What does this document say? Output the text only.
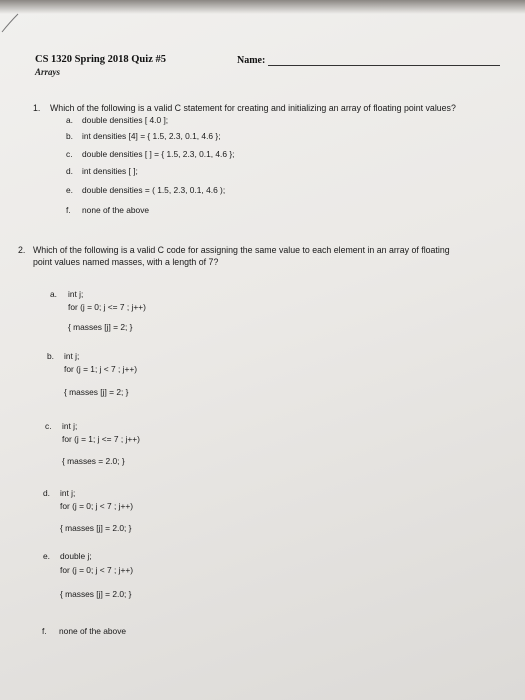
CS 1320 Spring 2018 Quiz #5
Arrays
Name:
1. Which of the following is a valid C statement for creating and initializing an array of floating point values?
a. double densities [ 4.0 ];
b. int densities [4] = { 1.5, 2.3, 0.1, 4.6 };
c. double densities [ ] = { 1.5, 2.3, 0.1, 4.6 };
d. int densities [ ];
e. double densities = ( 1.5, 2.3, 0.1, 4.6 );
f. none of the above
2. Which of the following is a valid C code for assigning the same value to each element in an array of floating
point values named masses, with a length of 7?
a. int j;
for (j = 0; j <= 7 ; j++)
{ masses [j] = 2; }
b. int j;
for (j = 1; j < 7 ; j++)
{ masses [j] = 2; }
c. int j;
for (j = 1; j <= 7 ; j++)
{ masses = 2.0; }
d. int j;
for (j = 0; j < 7 ; j++)
{ masses [j] = 2.0; }
e. double j;
for (j = 0; j < 7 ; j++)
{ masses [j] = 2.0; }
f. none of the above
